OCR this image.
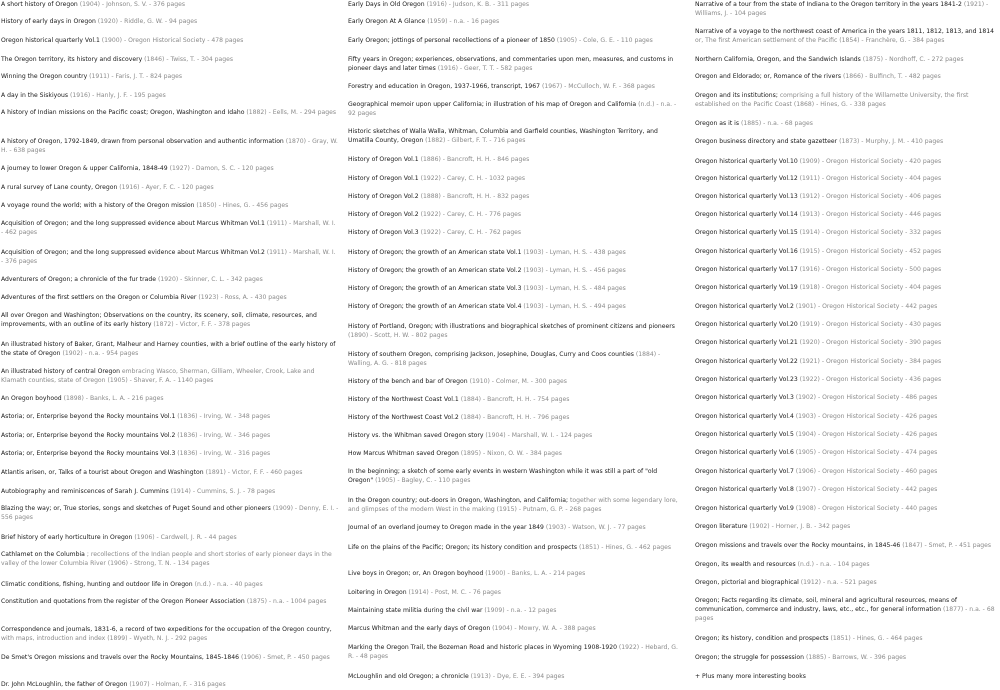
A short history of Oregon (1904) - Johnson, S. V. - 376 pages
History of early days in Oregon (1920) - Riddle, G. W. - 94 pages
Oregon historical quarterly Vol.1 (1900) - Oregon Historical Society - 478 pages
The Oregon territory, its history and discovery (1846) - Twiss, T. - 304 pages
Winning the Oregon country (1911) - Faris, J. T. - 824 pages
A day in the Siskiyous (1916) - Hanly, J. F. - 195 pages
A history of Indian missions on the Pacific coast; Oregon, Washington and Idaho (1882) - Eells, M. - 294 pages
A history of Oregon, 1792-1849, drawn from personal observation and authentic information (1870) - Gray, W. H. - 638 pages
A journey to lower Oregon & upper California, 1848-49 (1927) - Damon, S. C. - 120 pages
A rural survey of Lane county, Oregon (1916) - Ayer, F. C. - 120 pages
A voyage round the world; with a history of the Oregon mission (1850) - Hines, G. - 456 pages
Acquisition of Oregon; and the long suppressed evidence about Marcus Whitman Vol.1 (1911) - Marshall, W. I. - 462 pages
Acquisition of Oregon; and the long suppressed evidence about Marcus Whitman Vol.2 (1911) - Marshall, W. I. - 376 pages
Adventurers of Oregon; a chronicle of the fur trade (1920) - Skinner, C. L. - 342 pages
Adventures of the first settlers on the Oregon or Columbia River (1923) - Ross, A. - 430 pages
All over Oregon and Washington; Observations on the country, its scenery, soil, climate, resources, and improvements, with an outline of its early history (1872) - Victor, F. F. - 378 pages
An illustrated history of Baker, Grant, Malheur and Harney counties, with a brief outline of the early history of the state of Oregon (1902) - n.a. - 954 pages
An illustrated history of central Oregon embracing Wasco, Sherman, Gilliam, Wheeler, Crook, Lake and Klamath counties, state of Oregon (1905) - Shaver, F. A. - 1140 pages
An Oregon boyhood (1898) - Banks, L. A. - 216 pages
Astoria; or, Enterprise beyond the Rocky mountains Vol.1 (1836) - Irving, W. - 348 pages
Astoria; or, Enterprise beyond the Rocky mountains Vol.2 (1836) - Irving, W. - 346 pages
Astoria; or, Enterprise beyond the Rocky mountains Vol.3 (1836) - Irving, W. - 316 pages
Atlantis arisen, or, Talks of a tourist about Oregon and Washington (1891) - Victor, F. F. - 460 pages
Autobiography and reminiscences of Sarah J. Cummins (1914) - Cummins, S. J. - 78 pages
Blazing the way; or, True stories, songs and sketches of Puget Sound and other pioneers (1909) - Denny, E. I. - 556 pages
Brief history of early horticulture in Oregon (1906) - Cardwell, J. R. - 44 pages
Cathlamet on the Columbia ; recollections of the Indian people and short stories of early pioneer days in the valley of the lower Columbia River (1906) - Strong, T. N. - 134 pages
Climatic conditions, fishing, hunting and outdoor life in Oregon (n.d.) - n.a. - 40 pages
Constitution and quotations from the register of the Oregon Pioneer Association (1875) - n.a. - 1004 pages
Correspondence and journals, 1831-6, a record of two expeditions for the occupation of the Oregon country, with maps, introduction and index (1899) - Wyeth, N. J. - 292 pages
De Smet's Oregon missions and travels over the Rocky Mountains, 1845-1846 (1906) - Smet, P. - 450 pages
Dr. John McLoughlin, the father of Oregon (1907) - Holman, F. - 316 pages
Early Days in Old Oregon (1916) - Judson, K. B. - 311 pages
Early Oregon At A Glance (1959) - n.a. - 16 pages
Early Oregon; jottings of personal recollections of a pioneer of 1850 (1905) - Cole, G. E. - 110 pages
Fifty years in Oregon; experiences, observations, and commentaries upon men, measures, and customs in pioneer days and later times (1916) - Geer, T. T. - 582 pages
Forestry and education in Oregon, 1937-1966, transcript, 1967 (1967) - McCulloch, W. F. - 368 pages
Geographical memoir upon upper California; in illustration of his map of Oregon and California (n.d.) - n.a. - 92 pages
Historic sketches of Walla Walla, Whitman, Columbia and Garfield counties, Washington Territory, and Umatilla County, Oregon (1882) - Gilbert, F. T. - 716 pages
History of Oregon Vol.1 (1886) - Bancroft, H. H. - 846 pages
History of Oregon Vol.1 (1922) - Carey, C. H. - 1032 pages
History of Oregon Vol.2 (1888) - Bancroft, H. H. - 832 pages
History of Oregon Vol.2 (1922) - Carey, C. H. - 776 pages
History of Oregon Vol.3 (1922) - Carey, C. H. - 762 pages
History of Oregon; the growth of an American state Vol.1 (1903) - Lyman, H. S. - 438 pages
History of Oregon; the growth of an American state Vol.2 (1903) - Lyman, H. S. - 456 pages
History of Oregon; the growth of an American state Vol.3 (1903) - Lyman, H. S. - 484 pages
History of Oregon; the growth of an American state Vol.4 (1903) - Lyman, H. S. - 494 pages
History of Portland, Oregon; with illustrations and biographical sketches of prominent citizens and pioneers (1890) - Scott, H. W. - 802 pages
History of southern Oregon, comprising Jackson, Josephine, Douglas, Curry and Coos counties (1884) - Walling, A. G. - 818 pages
History of the bench and bar of Oregon (1910) - Colmer, M. - 300 pages
History of the Northwest Coast Vol.1 (1884) - Bancroft, H. H. - 754 pages
History of the Northwest Coast Vol.2 (1884) - Bancroft, H. H. - 796 pages
History vs. the Whitman saved Oregon story (1904) - Marshall, W. I. - 124 pages
How Marcus Whitman saved Oregon (1895) - Nixon, O. W. - 384 pages
In the beginning; a sketch of some early events in western Washington while it was still a part of "old Oregon" (1905) - Bagley, C. - 110 pages
In the Oregon country; out-doors in Oregon, Washington, and California; together with some legendary lore, and glimpses of the modern West in the making (1915) - Putnam, G. P. - 268 pages
Journal of an overland journey to Oregon made in the year 1849 (1903) - Watson, W. J. - 77 pages
Life on the plains of the Pacific; Oregon; its history condition and prospects (1851) - Hines, G. - 462 pages
Live boys in Oregon; or, An Oregon boyhood (1900) - Banks, L. A. - 214 pages
Loitering in Oregon (1914) - Post, M. C. - 76 pages
Maintaining state militia during the civil war (1909) - n.a. - 12 pages
Marcus Whitman and the early days of Oregon (1904) - Mowry, W. A. - 388 pages
Marking the Oregon Trail, the Bozeman Road and historic places in Wyoming 1908-1920 (1922) - Hebard, G. R. - 48 pages
McLoughlin and old Oregon; a chronicle (1913) - Dye, E. E. - 394 pages
Narrative of a tour from the state of Indiana to the Oregon territory in the years 1841-2 (1921) - Williams, J. - 104 pages
Narrative of a voyage to the northwest coast of America in the years 1811, 1812, 1813, and 1814 or, The first American settlement of the Pacific (1854) - Franchère, G. - 384 pages
Northern California, Oregon, and the Sandwich Islands (1875) - Nordhoff, C. - 272 pages
Oregon and Eldorado; or, Romance of the rivers (1866) - Bulfinch, T. - 482 pages
Oregon and its institutions; comprising a full history of the Willamette University, the first established on the Pacific Coast (1868) - Hines, G. - 338 pages
Oregon as it is (1885) - n.a. - 68 pages
Oregon business directory and state gazetteer (1873) - Murphy, J. M. - 410 pages
Oregon historical quarterly Vol.10 (1909) - Oregon Historical Society - 420 pages
Oregon historical quarterly Vol.12 (1911) - Oregon Historical Society - 404 pages
Oregon historical quarterly Vol.13 (1912) - Oregon Historical Society - 406 pages
Oregon historical quarterly Vol.14 (1913) - Oregon Historical Society - 446 pages
Oregon historical quarterly Vol.15 (1914) - Oregon Historical Society - 332 pages
Oregon historical quarterly Vol.16 (1915) - Oregon Historical Society - 452 pages
Oregon historical quarterly Vol.17 (1916) - Oregon Historical Society - 500 pages
Oregon historical quarterly Vol.19 (1918) - Oregon Historical Society - 404 pages
Oregon historical quarterly Vol.2 (1901) - Oregon Historical Society - 442 pages
Oregon historical quarterly Vol.20 (1919) - Oregon Historical Society - 430 pages
Oregon historical quarterly Vol.21 (1920) - Oregon Historical Society - 390 pages
Oregon historical quarterly Vol.22 (1921) - Oregon Historical Society - 384 pages
Oregon historical quarterly Vol.23 (1922) - Oregon Historical Society - 436 pages
Oregon historical quarterly Vol.3 (1902) - Oregon Historical Society - 486 pages
Oregon historical quarterly Vol.4 (1903) - Oregon Historical Society - 426 pages
Oregon historical quarterly Vol.5 (1904) - Oregon Historical Society - 426 pages
Oregon historical quarterly Vol.6 (1905) - Oregon Historical Society - 474 pages
Oregon historical quarterly Vol.7 (1906) - Oregon Historical Society - 460 pages
Oregon historical quarterly Vol.8 (1907) - Oregon Historical Society - 442 pages
Oregon historical quarterly Vol.9 (1908) - Oregon Historical Society - 440 pages
Oregon literature (1902) - Horner, J. B. - 342 pages
Oregon missions and travels over the Rocky mountains, in 1845-46 (1847) - Smet, P. - 451 pages
Oregon, its wealth and resources (n.d.) - n.a. - 104 pages
Oregon, pictorial and biographical (1912) - n.a. - 521 pages
Oregon; Facts regarding its climate, soil, mineral and agricultural resources, means of communication, commerce and industry, laws, etc., etc., for general information (1877) - n.a. - 68 pages
Oregon; its history, condition and prospects (1851) - Hines, G. - 464 pages
Oregon; the struggle for possession (1885) - Barrows, W. - 396 pages
+ Plus many more interesting books
